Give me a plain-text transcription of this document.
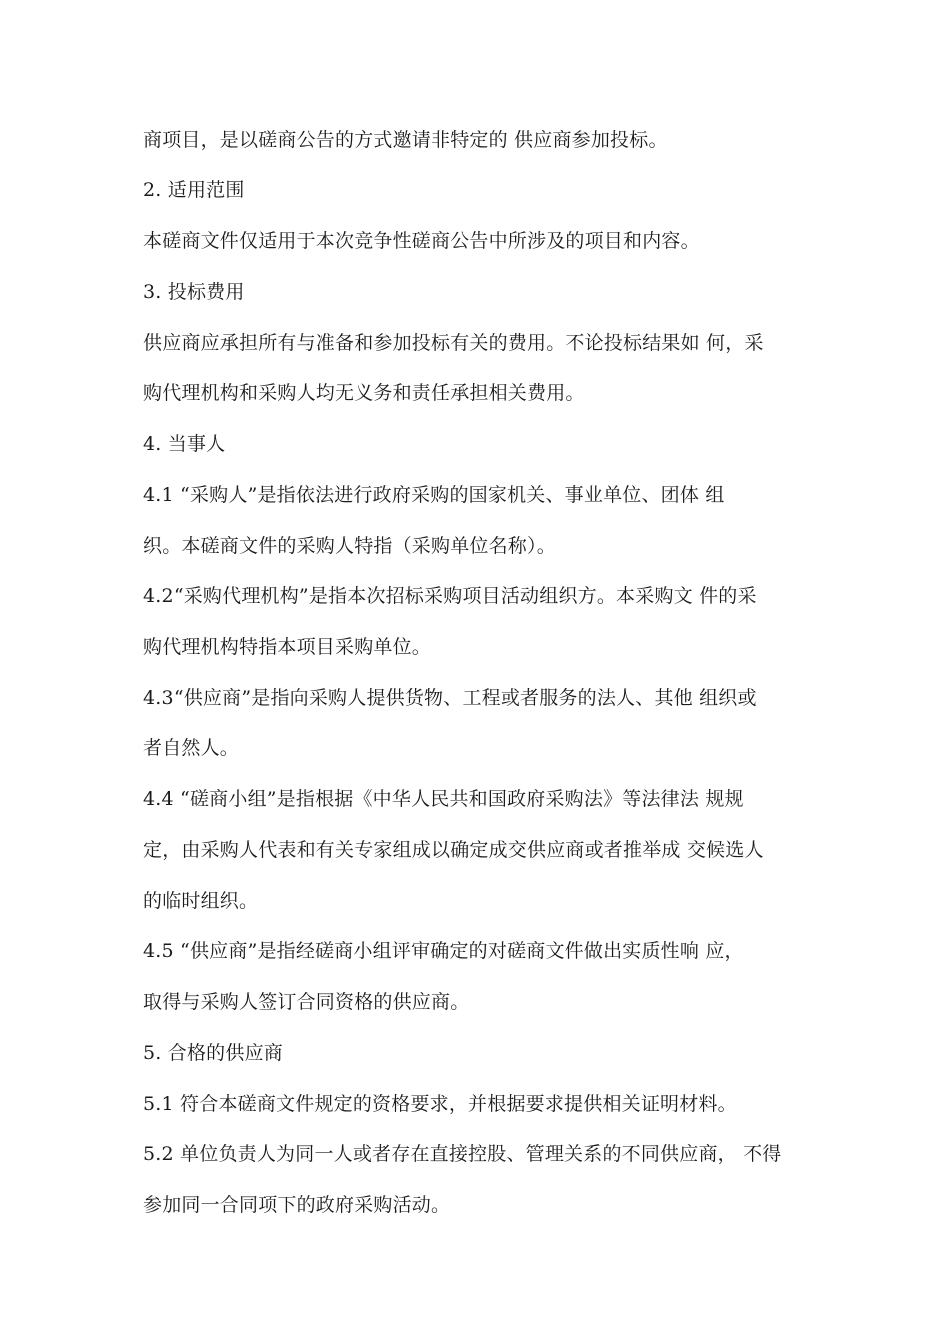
商项目，是以磋商公告的方式邀请非特定的 供应商参加投标。
2. 适用范围
本磋商文件仅适用于本次竞争性磋商公告中所涉及的项目和内容。
3. 投标费用
供应商应承担所有与准备和参加投标有关的费用。不论投标结果如 何，采
购代理机构和采购人均无义务和责任承担相关费用。
4. 当事人
4.1 “采购人”是指依法进行政府采购的国家机关、事业单位、团体 组
织。本磋商文件的采购人特指（采购单位名称）。
4.2“采购代理机构”是指本次招标采购项目活动组织方。本采购文 件的采
购代理机构特指本项目采购单位。
4.3“供应商”是指向采购人提供货物、工程或者服务的法人、其他 组织或
者自然人。
4.4 “磋商小组”是指根据《中华人民共和国政府采购法》等法律法 规规
定，由采购人代表和有关专家组成以确定成交供应商或者推举成 交候选人
的临时组织。
4.5 “供应商”是指经磋商小组评审确定的对磋商文件做出实质性响 应，
取得与采购人签订合同资格的供应商。
5. 合格的供应商
5.1 符合本磋商文件规定的资格要求，并根据要求提供相关证明材料。
5.2 单位负责人为同一人或者存在直接控股、管理关系的不同供应商， 不得
参加同一合同项下的政府采购活动。
